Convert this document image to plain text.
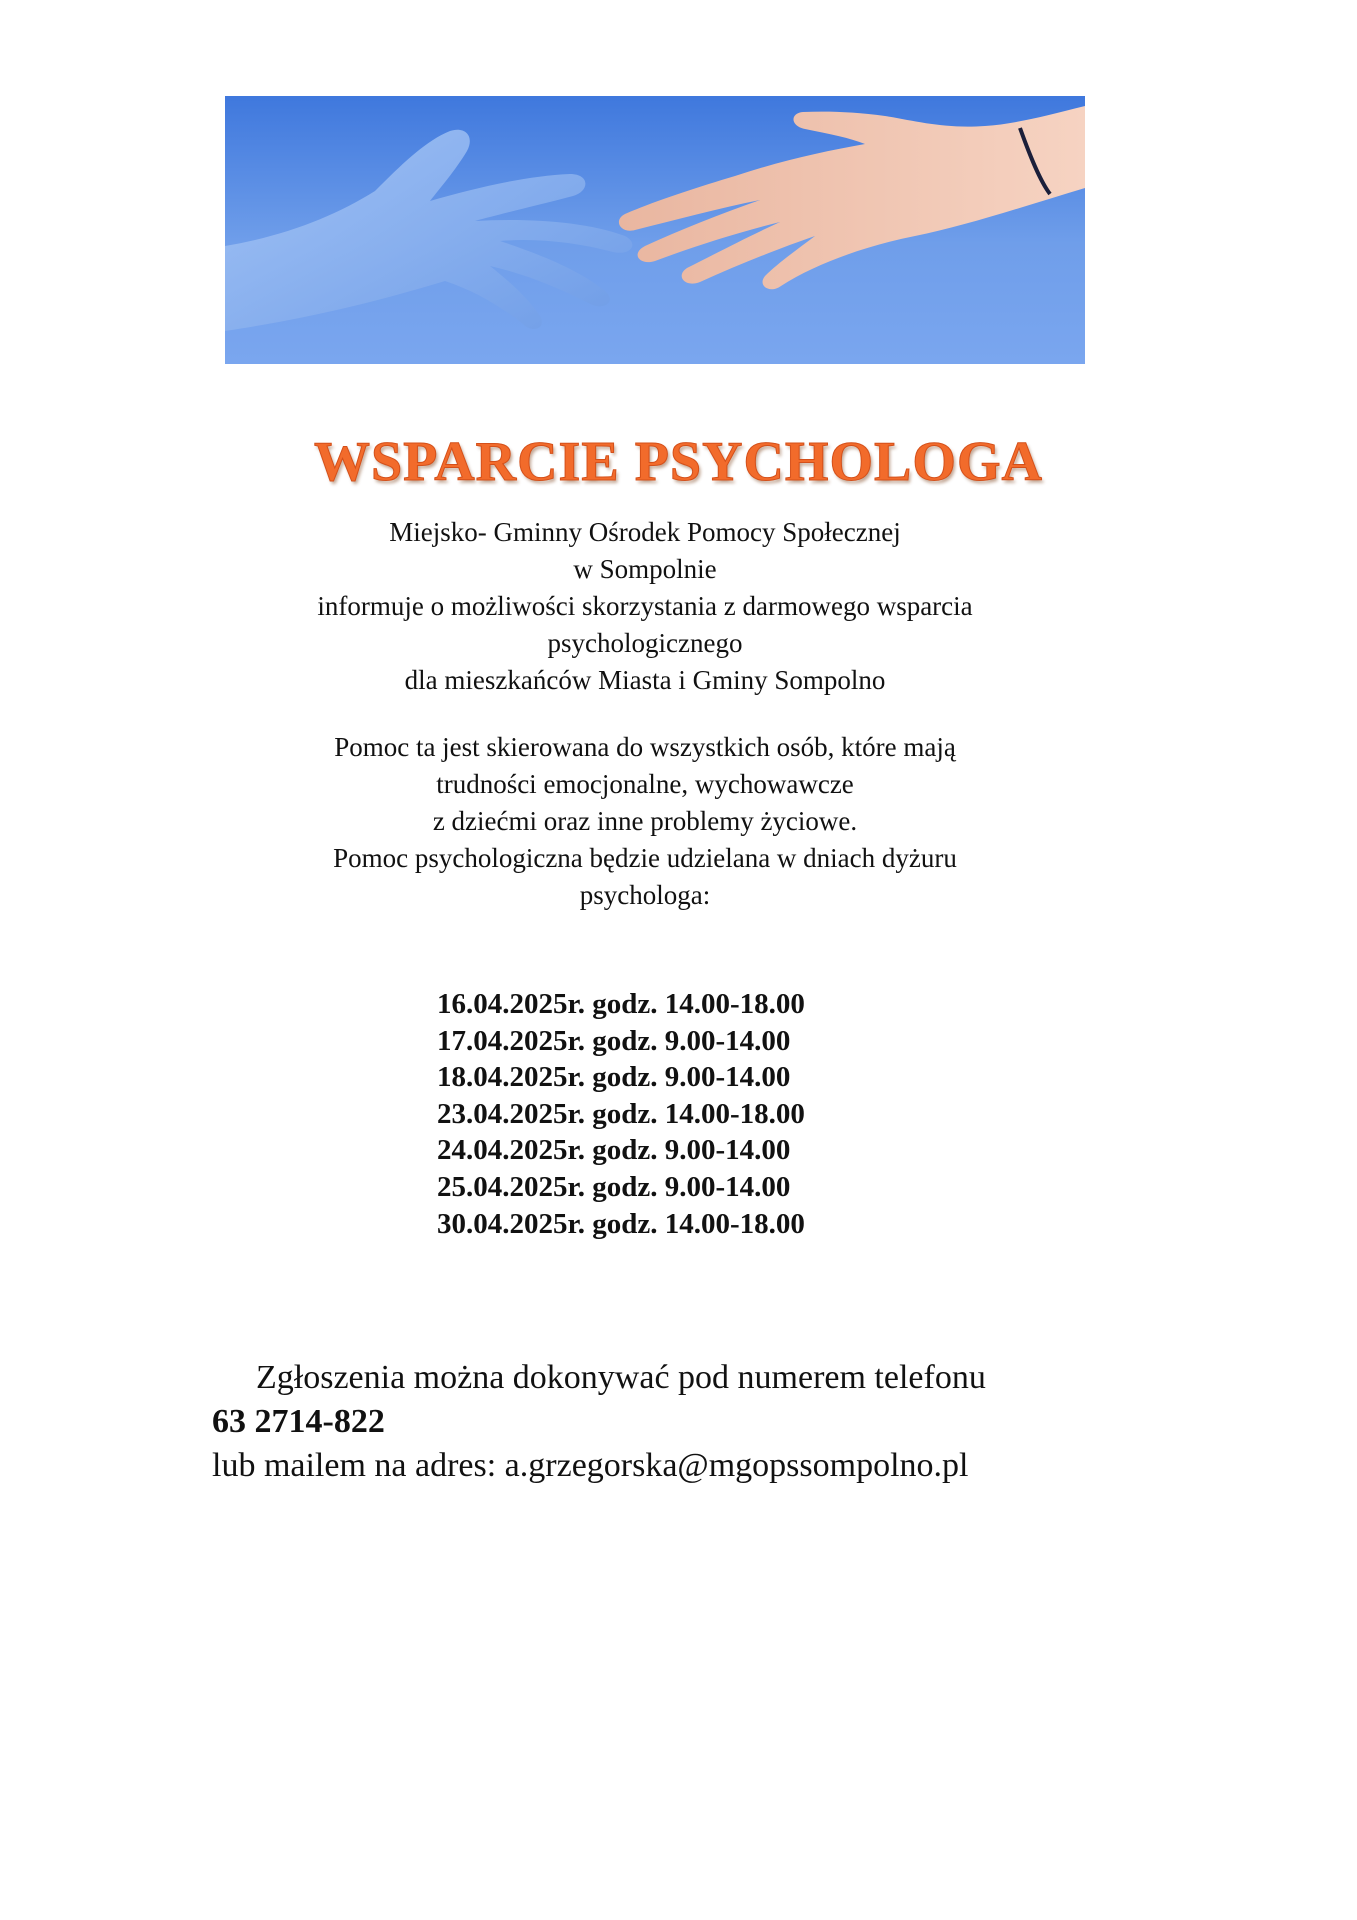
WSPARCIE PSYCHOLOGA
Miejsko- Gminny Ośrodek Pomocy Społecznej
w Sompolnie
informuje o możliwości skorzystania z darmowego wsparcia
psychologicznego
dla mieszkańców Miasta i Gminy Sompolno
Pomoc ta jest skierowana do wszystkich osób, które mają
trudności emocjonalne, wychowawcze
z dziećmi oraz inne problemy życiowe.
Pomoc psychologiczna będzie udzielana w dniach dyżuru
psychologa:
16.04.2025r. godz. 14.00-18.00
17.04.2025r. godz. 9.00-14.00
18.04.2025r. godz. 9.00-14.00
23.04.2025r. godz. 14.00-18.00
24.04.2025r. godz. 9.00-14.00
25.04.2025r. godz. 9.00-14.00
30.04.2025r. godz. 14.00-18.00
Zgłoszenia można dokonywać pod numerem telefonu
63 2714-822
lub mailem na adres: a.grzegorska@mgopssompolno.pl
